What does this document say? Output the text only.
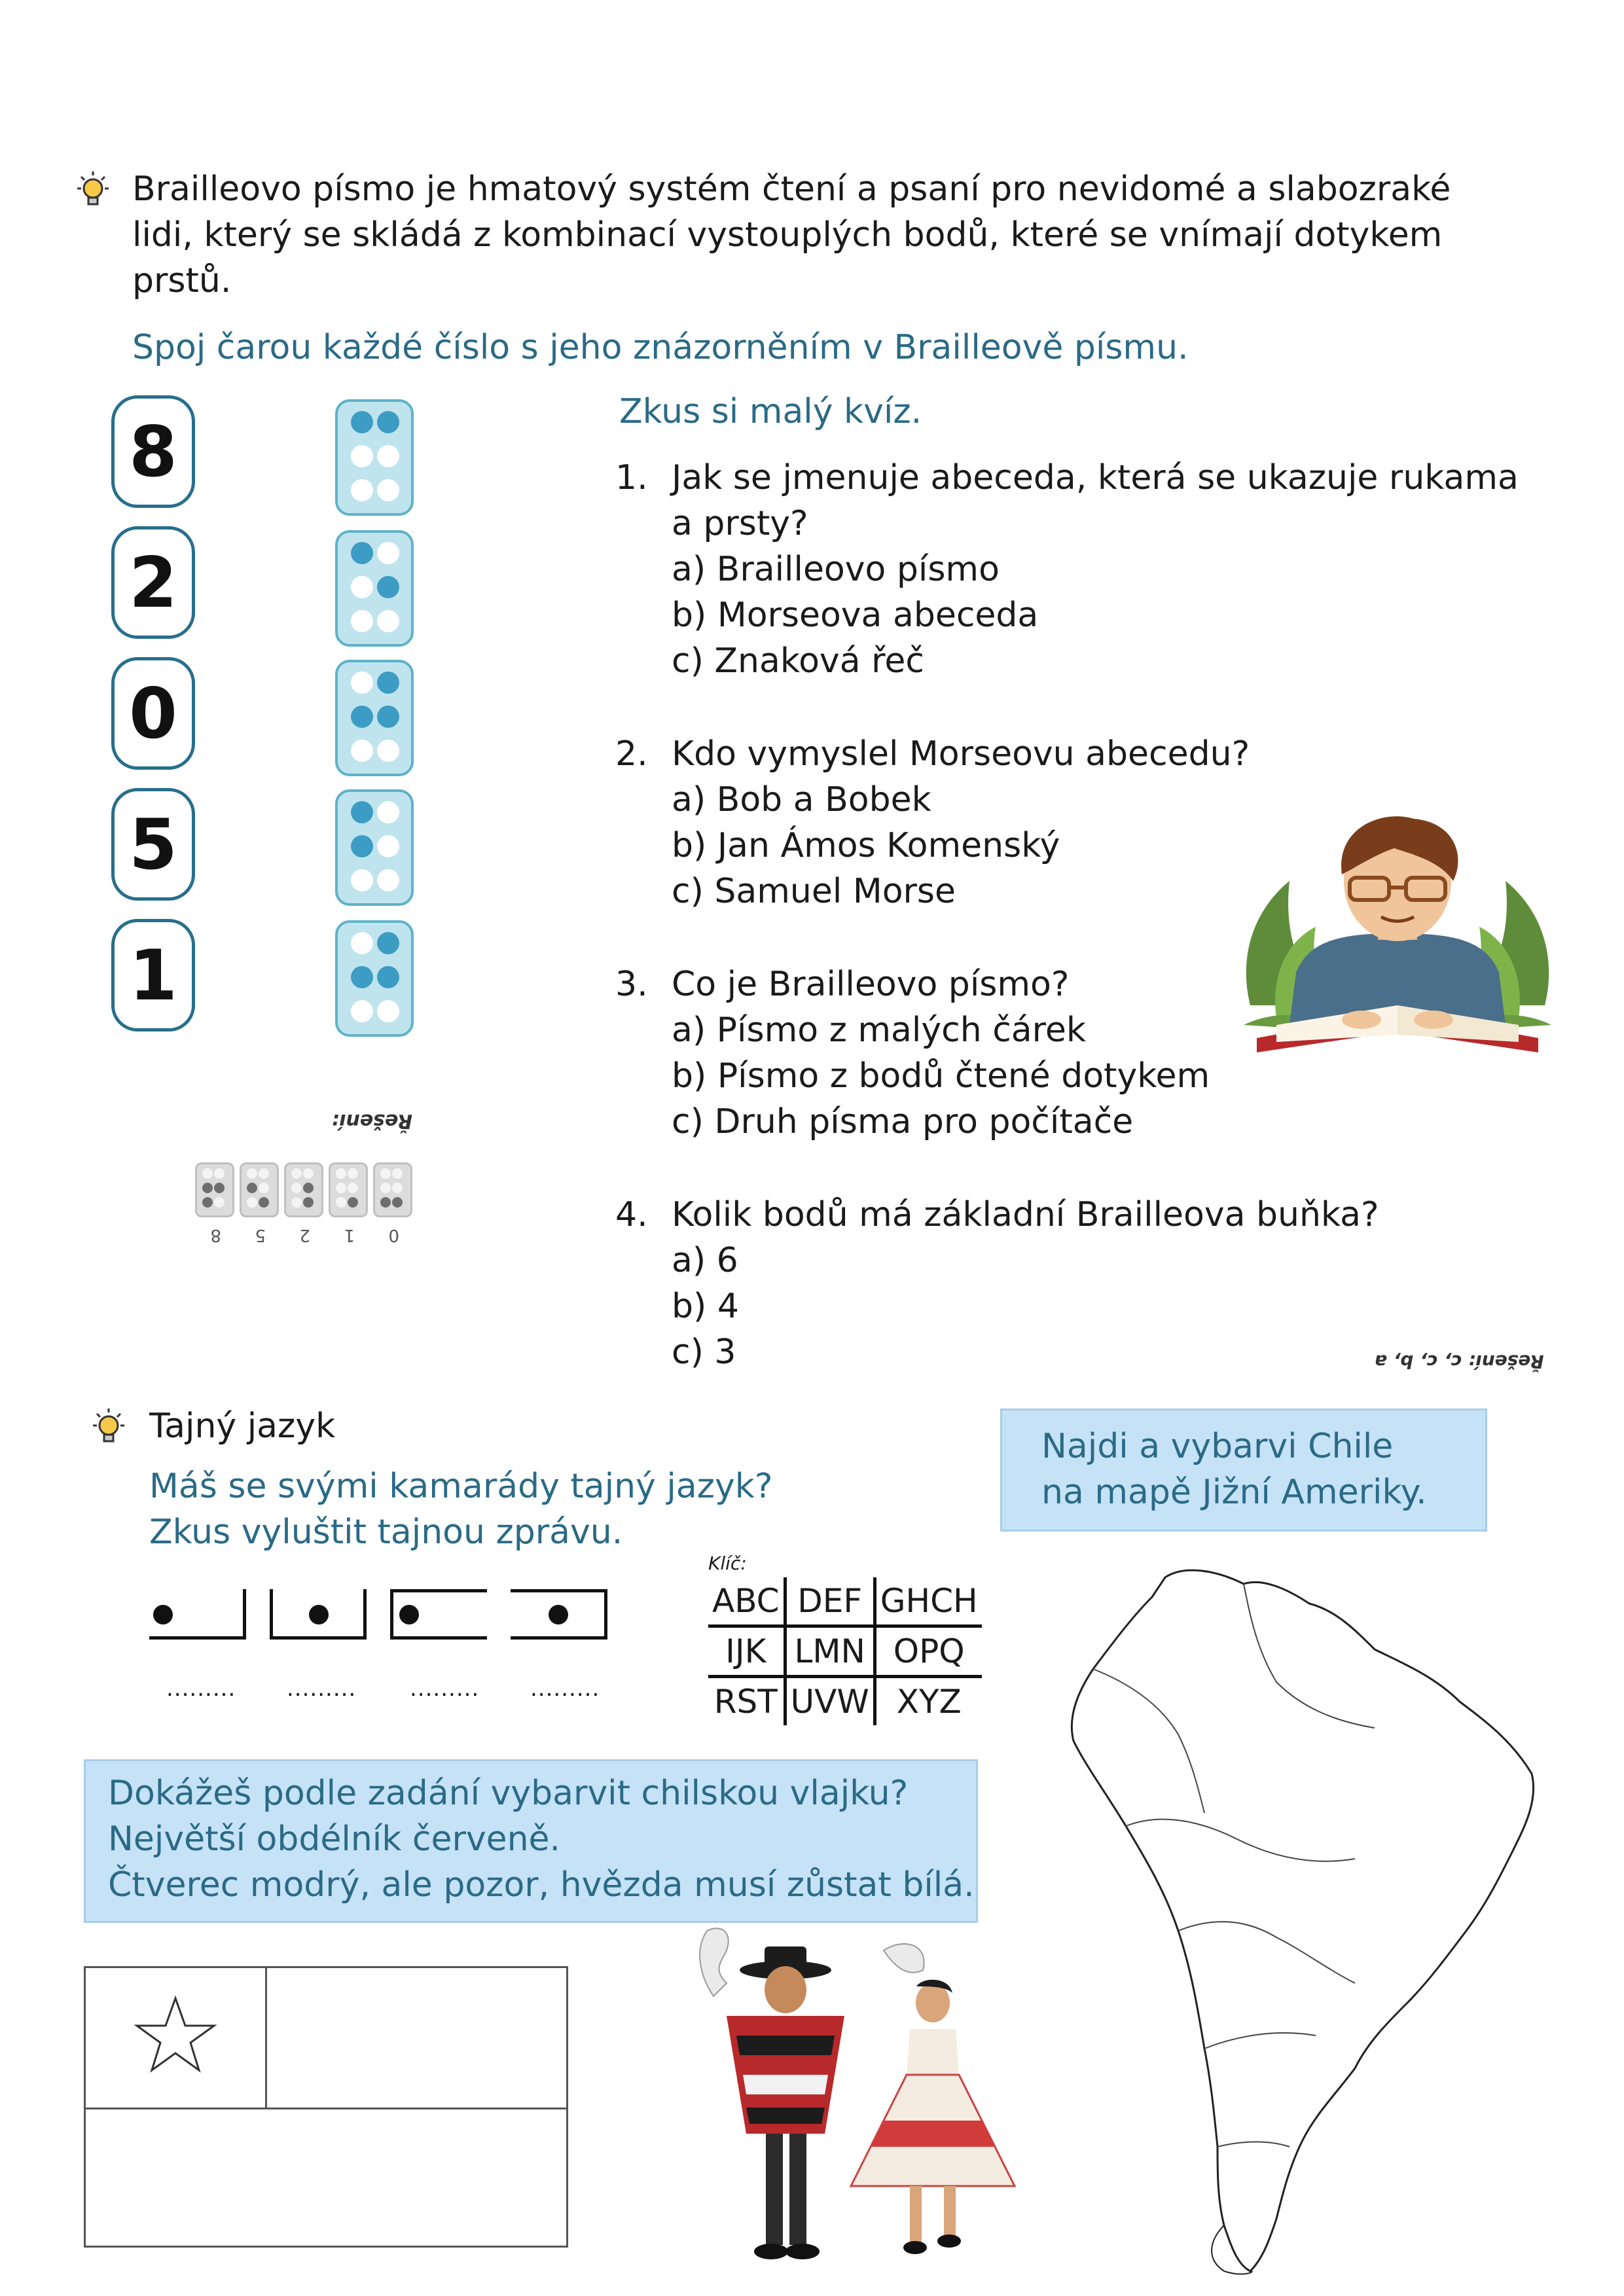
Brailleovo písmo je hmatový systém čtení a psaní pro nevidomé a slabozraké

lidi, který se skládá z kombinací vystouplých bodů, které se vnímají dotykem

prstů.

Spoj čarou každé číslo s jeho znázorněním v Brailleově písmu.

8
2
0
5
1
Řešení:
0
1
2
5
8

Zkus si malý kvíz.

1. Jak se jmenuje abeceda, která se ukazuje rukama
a prsty?
a) Brailleovo písmo
b) Morseova abeceda
c) Znaková řeč
2. Kdo vymyslel Morseovu abecedu?
a) Bob a Bobek
b) Jan Ámos Komenský
c) Samuel Morse
3. Co je Brailleovo písmo?
a) Písmo z malých čárek
b) Písmo z bodů čtené dotykem
c) Druh písma pro počítače
4. Kolik bodů má základní Brailleova buňka?
a) 6
b) 4
c) 3	Řešení: c, c, b, a

Tajný jazyk

Máš se svými kamarády tajný jazyk?

Zkus vyluštit tajnou zprávu.

......... ......... ......... .........
Klíč:
ABC	DEF	GHCH
IJK	LMN	OPQ
RST	UVW	XYZ

Najdi a vybarvi Chile

na mapě Jižní Ameriky.

Dokážeš podle zadání vybarvit chilskou vlajku?

Největší obdélník červeně.

Čtverec modrý, ale pozor, hvězda musí zůstat bílá.
